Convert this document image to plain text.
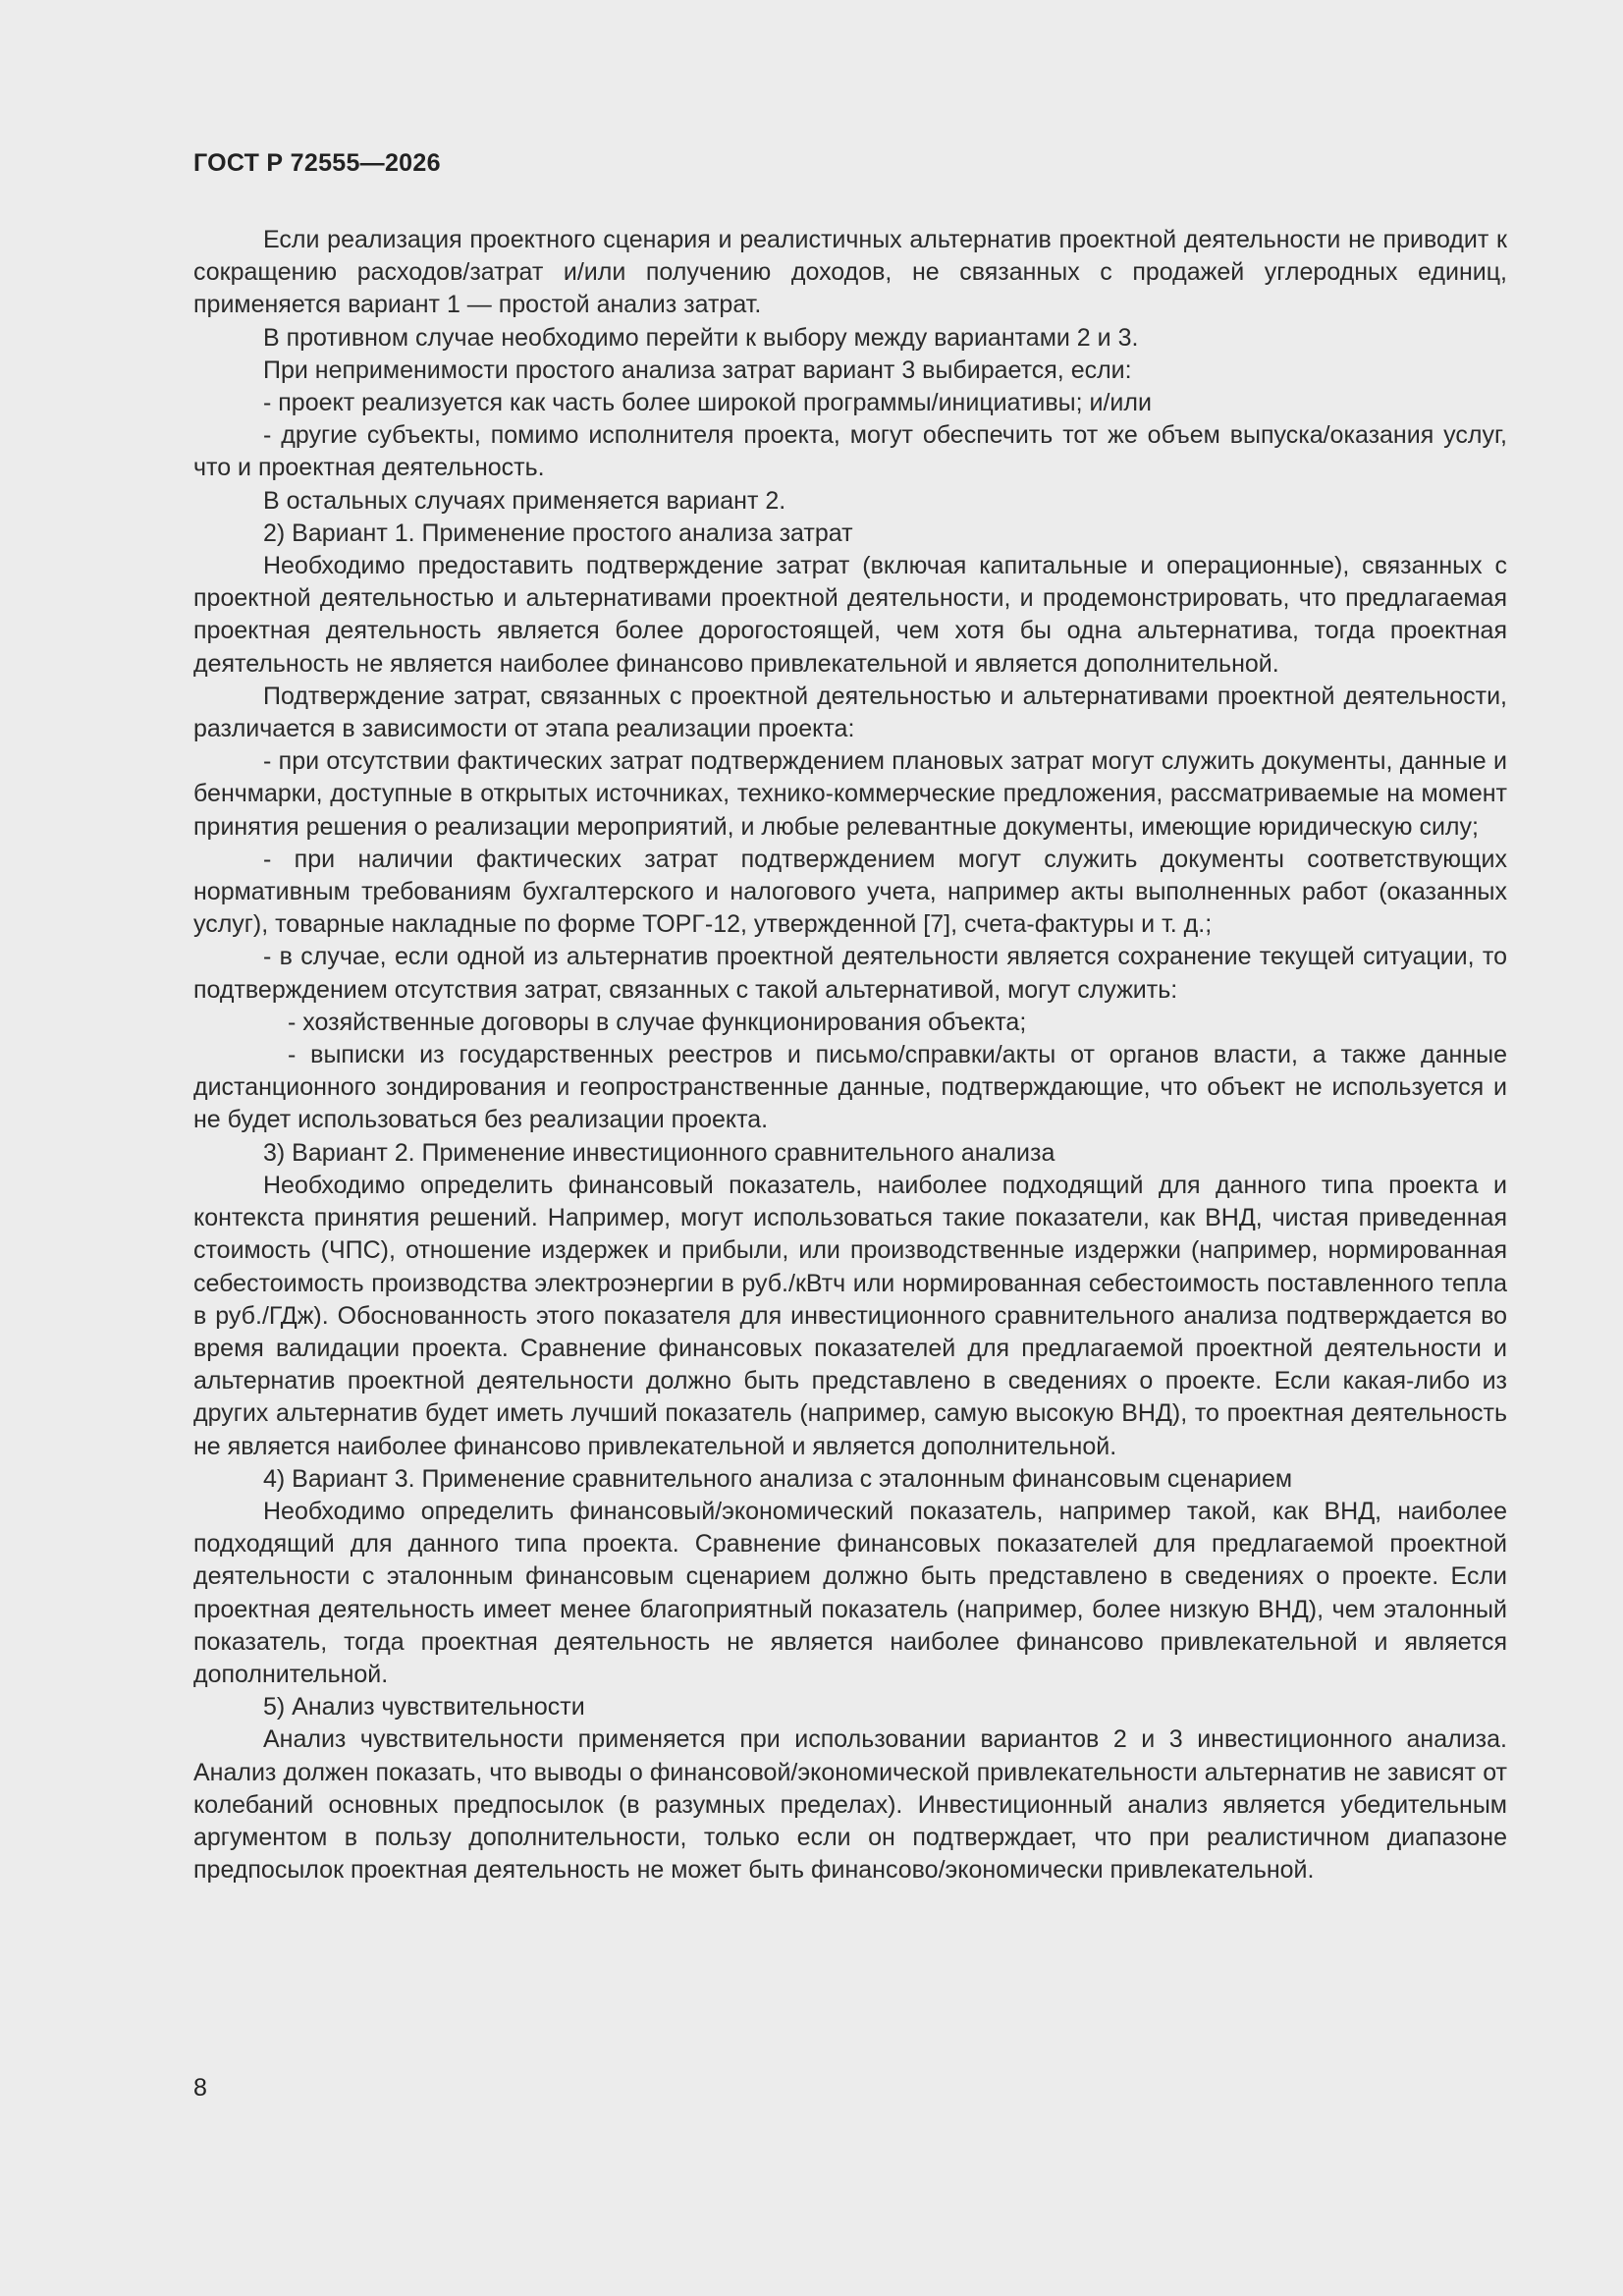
ГОСТ Р 72555—2026

Если реализация проектного сценария и реалистичных альтернатив проектной деятельности не приводит к сокращению расходов/затрат и/или получению доходов, не связанных с продажей углеродных единиц, применяется вариант 1 — простой анализ затрат.

В противном случае необходимо перейти к выбору между вариантами 2 и 3.

При неприменимости простого анализа затрат вариант 3 выбирается, если:

- проект реализуется как часть более широкой программы/инициативы; и/или

- другие субъекты, помимо исполнителя проекта, могут обеспечить тот же объем выпуска/оказания услуг, что и проектная деятельность.

В остальных случаях применяется вариант 2.

2) Вариант 1. Применение простого анализа затрат

Необходимо предоставить подтверждение затрат (включая капитальные и операционные), связанных с проектной деятельностью и альтернативами проектной деятельности, и продемонстрировать, что предлагаемая проектная деятельность является более дорогостоящей, чем хотя бы одна альтернатива, тогда проектная деятельность не является наиболее финансово привлекательной и является дополнительной.

Подтверждение затрат, связанных с проектной деятельностью и альтернативами проектной деятельности, различается в зависимости от этапа реализации проекта:

- при отсутствии фактических затрат подтверждением плановых затрат могут служить документы, данные и бенчмарки, доступные в открытых источниках, технико-коммерческие предложения, рассматриваемые на момент принятия решения о реализации мероприятий, и любые релевантные документы, имеющие юридическую силу;

- при наличии фактических затрат подтверждением могут служить документы соответствующих нормативным требованиям бухгалтерского и налогового учета, например акты выполненных работ (оказанных услуг), товарные накладные по форме ТОРГ-12, утвержденной [7], счета-фактуры и т. д.;

- в случае, если одной из альтернатив проектной деятельности является сохранение текущей ситуации, то подтверждением отсутствия затрат, связанных с такой альтернативой, могут служить:

- хозяйственные договоры в случае функционирования объекта;

- выписки из государственных реестров и письмо/справки/акты от органов власти, а также данные дистанционного зондирования и геопространственные данные, подтверждающие, что объект не используется и не будет использоваться без реализации проекта.

3) Вариант 2. Применение инвестиционного сравнительного анализа

Необходимо определить финансовый показатель, наиболее подходящий для данного типа проекта и контекста принятия решений. Например, могут использоваться такие показатели, как ВНД, чистая приведенная стоимость (ЧПС), отношение издержек и прибыли, или производственные издержки (например, нормированная себестоимость производства электроэнергии в руб./кВтч или нормированная себестоимость поставленного тепла в руб./ГДж). Обоснованность этого показателя для инвестиционного сравнительного анализа подтверждается во время валидации проекта. Сравнение финансовых показателей для предлагаемой проектной деятельности и альтернатив проектной деятельности должно быть представлено в сведениях о проекте. Если какая-либо из других альтернатив будет иметь лучший показатель (например, самую высокую ВНД), то проектная деятельность не является наиболее финансово привлекательной и является дополнительной.

4) Вариант 3. Применение сравнительного анализа с эталонным финансовым сценарием

Необходимо определить финансовый/экономический показатель, например такой, как ВНД, наиболее подходящий для данного типа проекта. Сравнение финансовых показателей для предлагаемой проектной деятельности с эталонным финансовым сценарием должно быть представлено в сведениях о проекте. Если проектная деятельность имеет менее благоприятный показатель (например, более низкую ВНД), чем эталонный показатель, тогда проектная деятельность не является наиболее финансово привлекательной и является дополнительной.

5) Анализ чувствительности

Анализ чувствительности применяется при использовании вариантов 2 и 3 инвестиционного анализа. Анализ должен показать, что выводы о финансовой/экономической привлекательности альтернатив не зависят от колебаний основных предпосылок (в разумных пределах). Инвестиционный анализ является убедительным аргументом в пользу дополнительности, только если он подтверждает, что при реалистичном диапазоне предпосылок проектная деятельность не может быть финансово/экономически привлекательной.

8
